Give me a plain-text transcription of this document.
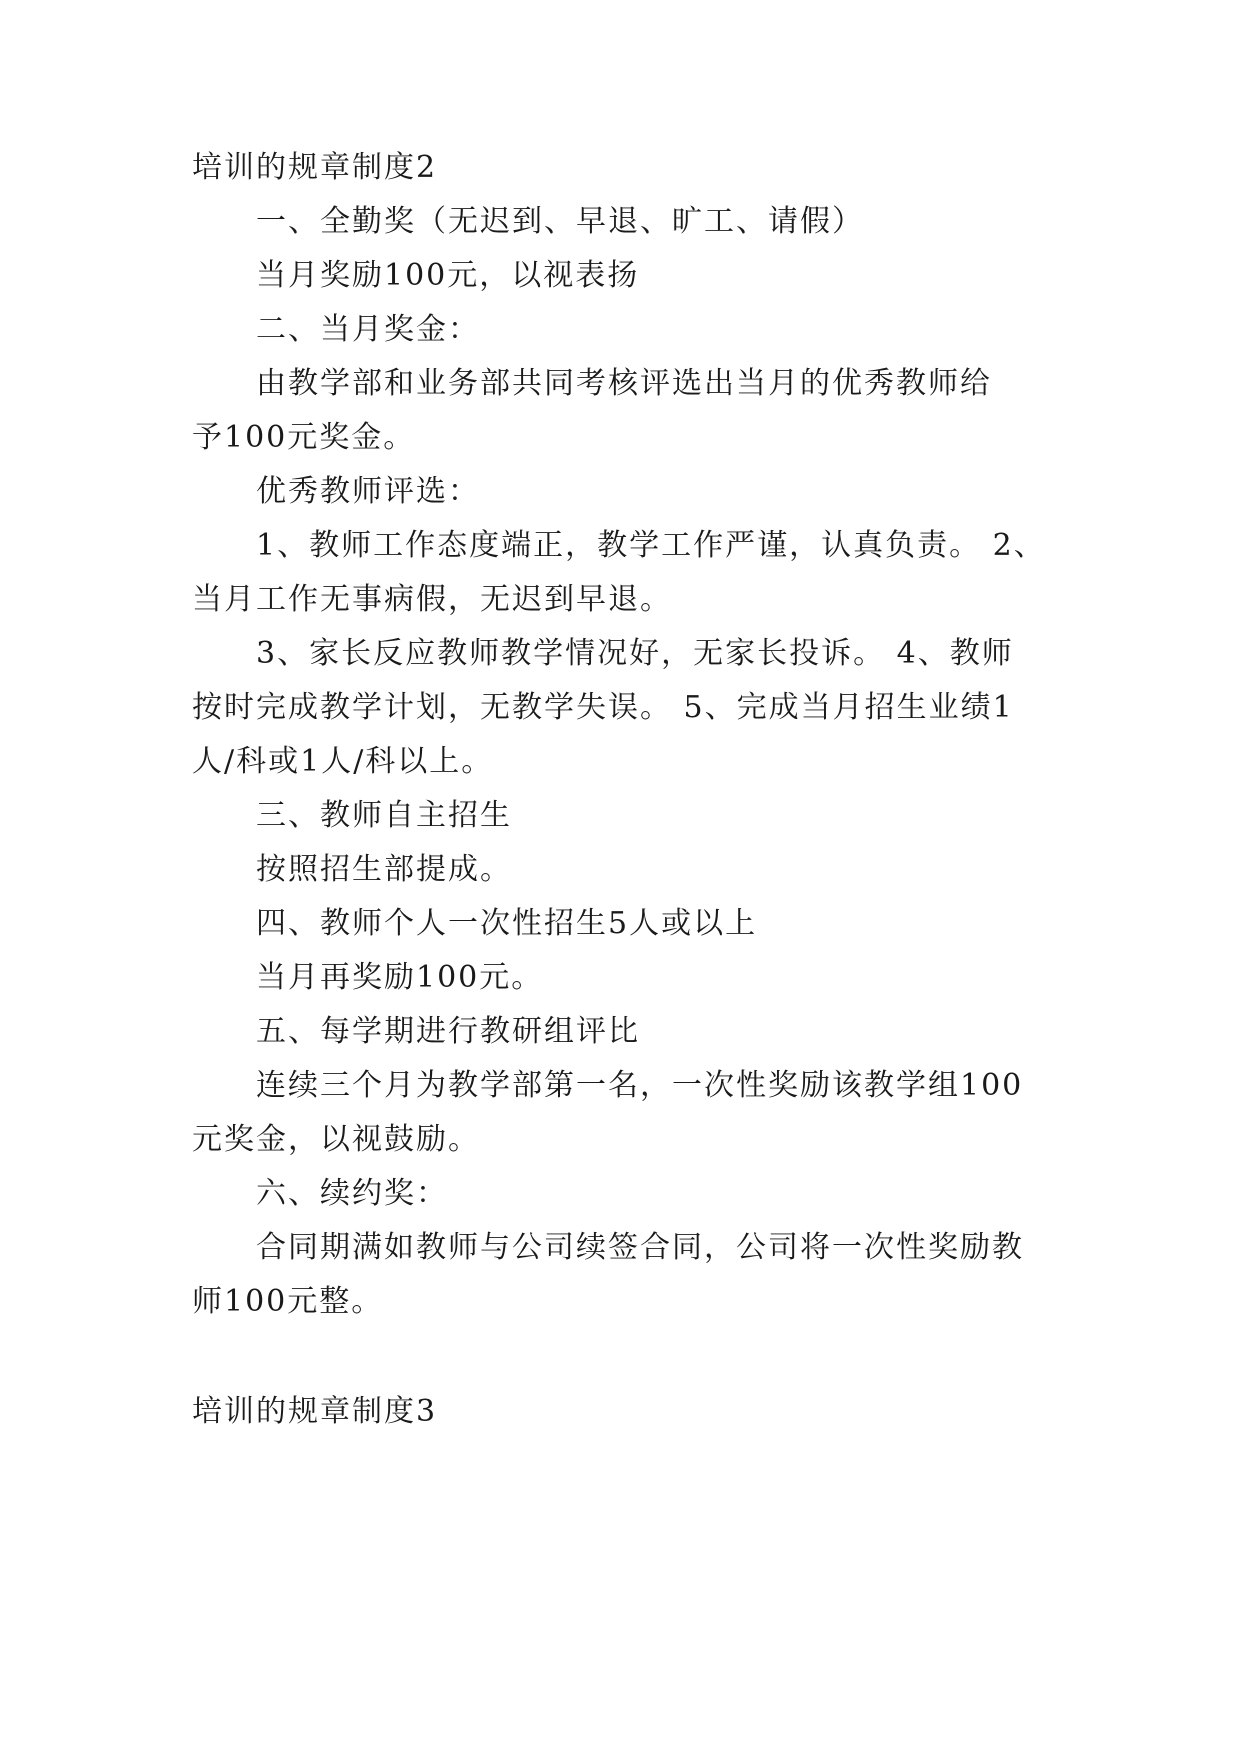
培训的规章制度2
一、全勤奖（无迟到、早退、旷工、请假）
当月奖励100元，以视表扬
二、当月奖金：
由教学部和业务部共同考核评选出当月的优秀教师给
予100元奖金。
优秀教师评选：
1、教师工作态度端正，教学工作严谨，认真负责。 2、
当月工作无事病假，无迟到早退。
3、家长反应教师教学情况好，无家长投诉。 4、教师
按时完成教学计划，无教学失误。 5、完成当月招生业绩1
人/科或1人/科以上。
三、教师自主招生
按照招生部提成。
四、教师个人一次性招生5人或以上
当月再奖励100元。
五、每学期进行教研组评比
连续三个月为教学部第一名，一次性奖励该教学组100
元奖金，以视鼓励。
六、续约奖：
合同期满如教师与公司续签合同，公司将一次性奖励教
师100元整。
培训的规章制度3
